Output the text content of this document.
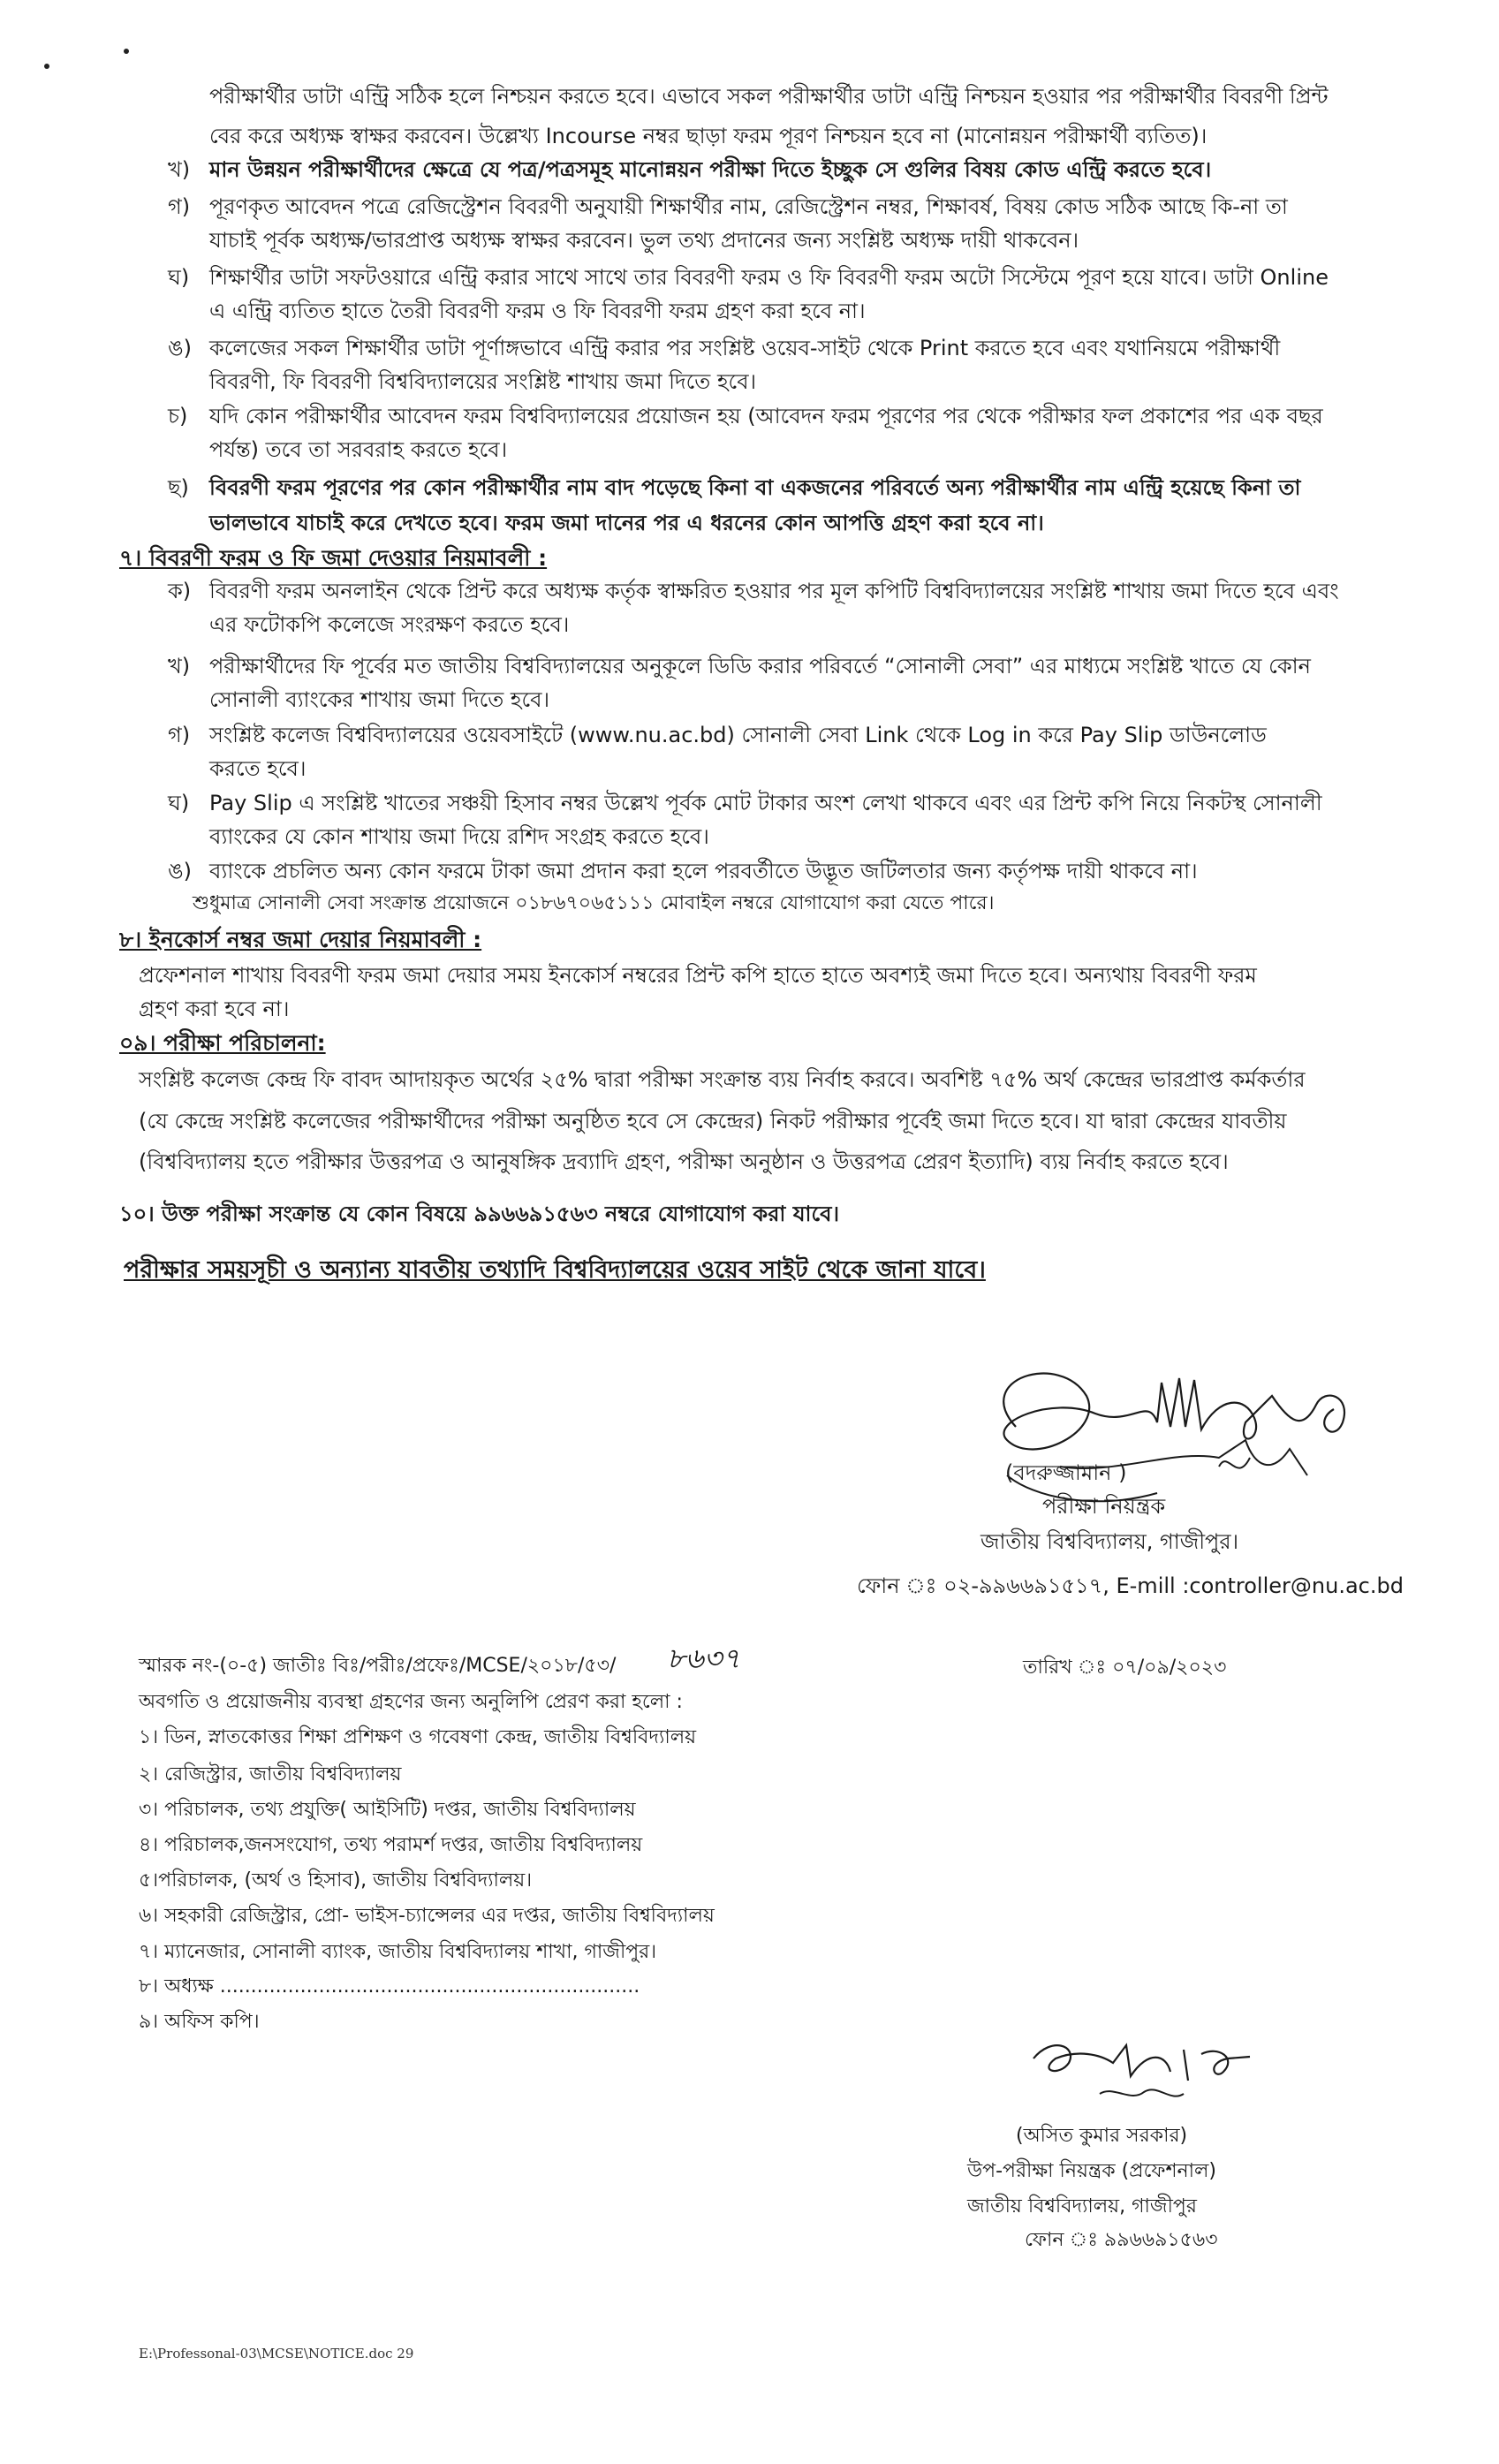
পরীক্ষার্থীর ডাটা এন্ট্রি সঠিক হলে নিশ্চয়ন করতে হবে। এভাবে সকল পরীক্ষার্থীর ডাটা এন্ট্রি নিশ্চয়ন হওয়ার পর পরীক্ষার্থীর বিবরণী প্রিন্ট
বের করে অধ্যক্ষ স্বাক্ষর করবেন। উল্লেখ্য Incourse নম্বর ছাড়া ফরম পূরণ নিশ্চয়ন হবে না (মানোন্নয়ন পরীক্ষার্থী ব্যতিত)।
খ) মান উন্নয়ন পরীক্ষার্থীদের ক্ষেত্রে যে পত্র/পত্রসমূহ মানোন্নয়ন পরীক্ষা দিতে ইচ্ছুক সে গুলির বিষয় কোড এন্ট্রি করতে হবে।
গ) পূরণকৃত আবেদন পত্রে রেজিস্ট্রেশন বিবরণী অনুযায়ী শিক্ষার্থীর নাম, রেজিস্ট্রেশন নম্বর, শিক্ষাবর্ষ, বিষয় কোড সঠিক আছে কি-না তা
যাচাই পূর্বক অধ্যক্ষ/ভারপ্রাপ্ত অধ্যক্ষ স্বাক্ষর করবেন। ভুল তথ্য প্রদানের জন্য সংশ্লিষ্ট অধ্যক্ষ দায়ী থাকবেন।
ঘ) শিক্ষার্থীর ডাটা সফটওয়ারে এন্ট্রি করার সাথে সাথে তার বিবরণী ফরম ও ফি বিবরণী ফরম অটো সিস্টেমে পূরণ হয়ে যাবে। ডাটা Online
এ এন্ট্রি ব্যতিত হাতে তৈরী বিবরণী ফরম ও ফি বিবরণী ফরম গ্রহণ করা হবে না।
ঙ) কলেজের সকল শিক্ষার্থীর ডাটা পূর্ণাঙ্গভাবে এন্ট্রি করার পর সংশ্লিষ্ট ওয়েব-সাইট থেকে Print করতে হবে এবং যথানিয়মে পরীক্ষার্থী
বিবরণী, ফি বিবরণী বিশ্ববিদ্যালয়ের সংশ্লিষ্ট শাখায় জমা দিতে হবে।
চ) যদি কোন পরীক্ষার্থীর আবেদন ফরম বিশ্ববিদ্যালয়ের প্রয়োজন হয় (আবেদন ফরম পূরণের পর থেকে পরীক্ষার ফল প্রকাশের পর এক বছর
পর্যন্ত) তবে তা সরবরাহ করতে হবে।
ছ) বিবরণী ফরম পূরণের পর কোন পরীক্ষার্থীর নাম বাদ পড়েছে কিনা বা একজনের পরিবর্তে অন্য পরীক্ষার্থীর নাম এন্ট্রি হয়েছে কিনা তা
ভালভাবে যাচাই করে দেখতে হবে। ফরম জমা দানের পর এ ধরনের কোন আপত্তি গ্রহণ করা হবে না।
৭। বিবরণী ফরম ও ফি জমা দেওয়ার নিয়মাবলী :
ক) বিবরণী ফরম অনলাইন থেকে প্রিন্ট করে অধ্যক্ষ কর্তৃক স্বাক্ষরিত হওয়ার পর মূল কপিটি বিশ্ববিদ্যালয়ের সংশ্লিষ্ট শাখায় জমা দিতে হবে এবং
এর ফটোকপি কলেজে সংরক্ষণ করতে হবে।
খ) পরীক্ষার্থীদের ফি পূর্বের মত জাতীয় বিশ্ববিদ্যালয়ের অনুকূলে ডিডি করার পরিবর্তে “সোনালী সেবা” এর মাধ্যমে সংশ্লিষ্ট খাতে যে কোন
সোনালী ব্যাংকের শাখায় জমা দিতে হবে।
গ) সংশ্লিষ্ট কলেজ বিশ্ববিদ্যালয়ের ওয়েবসাইটে (www.nu.ac.bd) সোনালী সেবা Link থেকে Log in করে Pay Slip ডাউনলোড
করতে হবে।
ঘ) Pay Slip এ সংশ্লিষ্ট খাতের সঞ্চয়ী হিসাব নম্বর উল্লেখ পূর্বক মোট টাকার অংশ লেখা থাকবে এবং এর প্রিন্ট কপি নিয়ে নিকটস্থ সোনালী
ব্যাংকের যে কোন শাখায় জমা দিয়ে রশিদ সংগ্রহ করতে হবে।
ঙ) ব্যাংকে প্রচলিত অন্য কোন ফরমে টাকা জমা প্রদান করা হলে পরবর্তীতে উদ্ভূত জটিলতার জন্য কর্তৃপক্ষ দায়ী থাকবে না।
শুধুমাত্র সোনালী সেবা সংক্রান্ত প্রয়োজনে ০১৮৬৭০৬৫১১১ মোবাইল নম্বরে যোগাযোগ করা যেতে পারে।
৮। ইনকোর্স নম্বর জমা দেয়ার নিয়মাবলী :
প্রফেশনাল শাখায় বিবরণী ফরম জমা দেয়ার সময় ইনকোর্স নম্বরের প্রিন্ট কপি হাতে হাতে অবশ্যই জমা দিতে হবে। অন্যথায় বিবরণী ফরম
গ্রহণ করা হবে না।
০৯। পরীক্ষা পরিচালনা:
সংশ্লিষ্ট কলেজ কেন্দ্র ফি বাবদ আদায়কৃত অর্থের ২৫% দ্বারা পরীক্ষা সংক্রান্ত ব্যয় নির্বাহ করবে। অবশিষ্ট ৭৫% অর্থ কেন্দ্রের ভারপ্রাপ্ত কর্মকর্তার
(যে কেন্দ্রে সংশ্লিষ্ট কলেজের পরীক্ষার্থীদের পরীক্ষা অনুষ্ঠিত হবে সে কেন্দ্রের) নিকট পরীক্ষার পূর্বেই জমা দিতে হবে। যা দ্বারা কেন্দ্রের যাবতীয়
(বিশ্ববিদ্যালয় হতে পরীক্ষার উত্তরপত্র ও আনুষঙ্গিক দ্রব্যাদি গ্রহণ, পরীক্ষা অনুষ্ঠান ও উত্তরপত্র প্রেরণ ইত্যাদি) ব্যয় নির্বাহ করতে হবে।
১০। উক্ত পরীক্ষা সংক্রান্ত যে কোন বিষয়ে ৯৯৬৬৯১৫৬৩ নম্বরে যোগাযোগ করা যাবে।
পরীক্ষার সময়সূচী ও অন্যান্য যাবতীয় তথ্যাদি বিশ্ববিদ্যালয়ের ওয়েব সাইট থেকে জানা যাবে।
(বদরুজ্জামান )
পরীক্ষা নিয়ন্ত্রক
জাতীয় বিশ্ববিদ্যালয়, গাজীপুর।
ফোন ঃ ০২-৯৯৬৬৯১৫১৭, E-mill :controller@nu.ac.bd
স্মারক নং-(০-৫) জাতীঃ বিঃ/পরীঃ/প্রফেঃ/MCSE/২০১৮/৫৩/ ৮৬৩৭	তারিখ ঃ ০৭/০৯/২০২৩
অবগতি ও প্রয়োজনীয় ব্যবস্থা গ্রহণের জন্য অনুলিপি প্রেরণ করা হলো :
১। ডিন, স্নাতকোত্তর শিক্ষা প্রশিক্ষণ ও গবেষণা কেন্দ্র, জাতীয় বিশ্ববিদ্যালয়
২। রেজিস্ট্রার, জাতীয় বিশ্ববিদ্যালয়
৩। পরিচালক, তথ্য প্রযুক্তি( আইসিটি) দপ্তর, জাতীয় বিশ্ববিদ্যালয়
৪। পরিচালক,জনসংযোগ, তথ্য পরামর্শ দপ্তর, জাতীয় বিশ্ববিদ্যালয়
৫।পরিচালক, (অর্থ ও হিসাব), জাতীয় বিশ্ববিদ্যালয়।
৬। সহকারী রেজিস্ট্রার, প্রো- ভাইস-চ্যান্সেলর এর দপ্তর, জাতীয় বিশ্ববিদ্যালয়
৭। ম্যানেজার, সোনালী ব্যাংক, জাতীয় বিশ্ববিদ্যালয় শাখা, গাজীপুর।
৮। অধ্যক্ষ ....................................................................
৯। অফিস কপি।
(অসিত কুমার সরকার)
উপ-পরীক্ষা নিয়ন্ত্রক (প্রফেশনাল)
জাতীয় বিশ্ববিদ্যালয়, গাজীপুর
ফোন ঃ ৯৯৬৬৯১৫৬৩
E:\Professonal-03\MCSE\NOTICE.doc 29
